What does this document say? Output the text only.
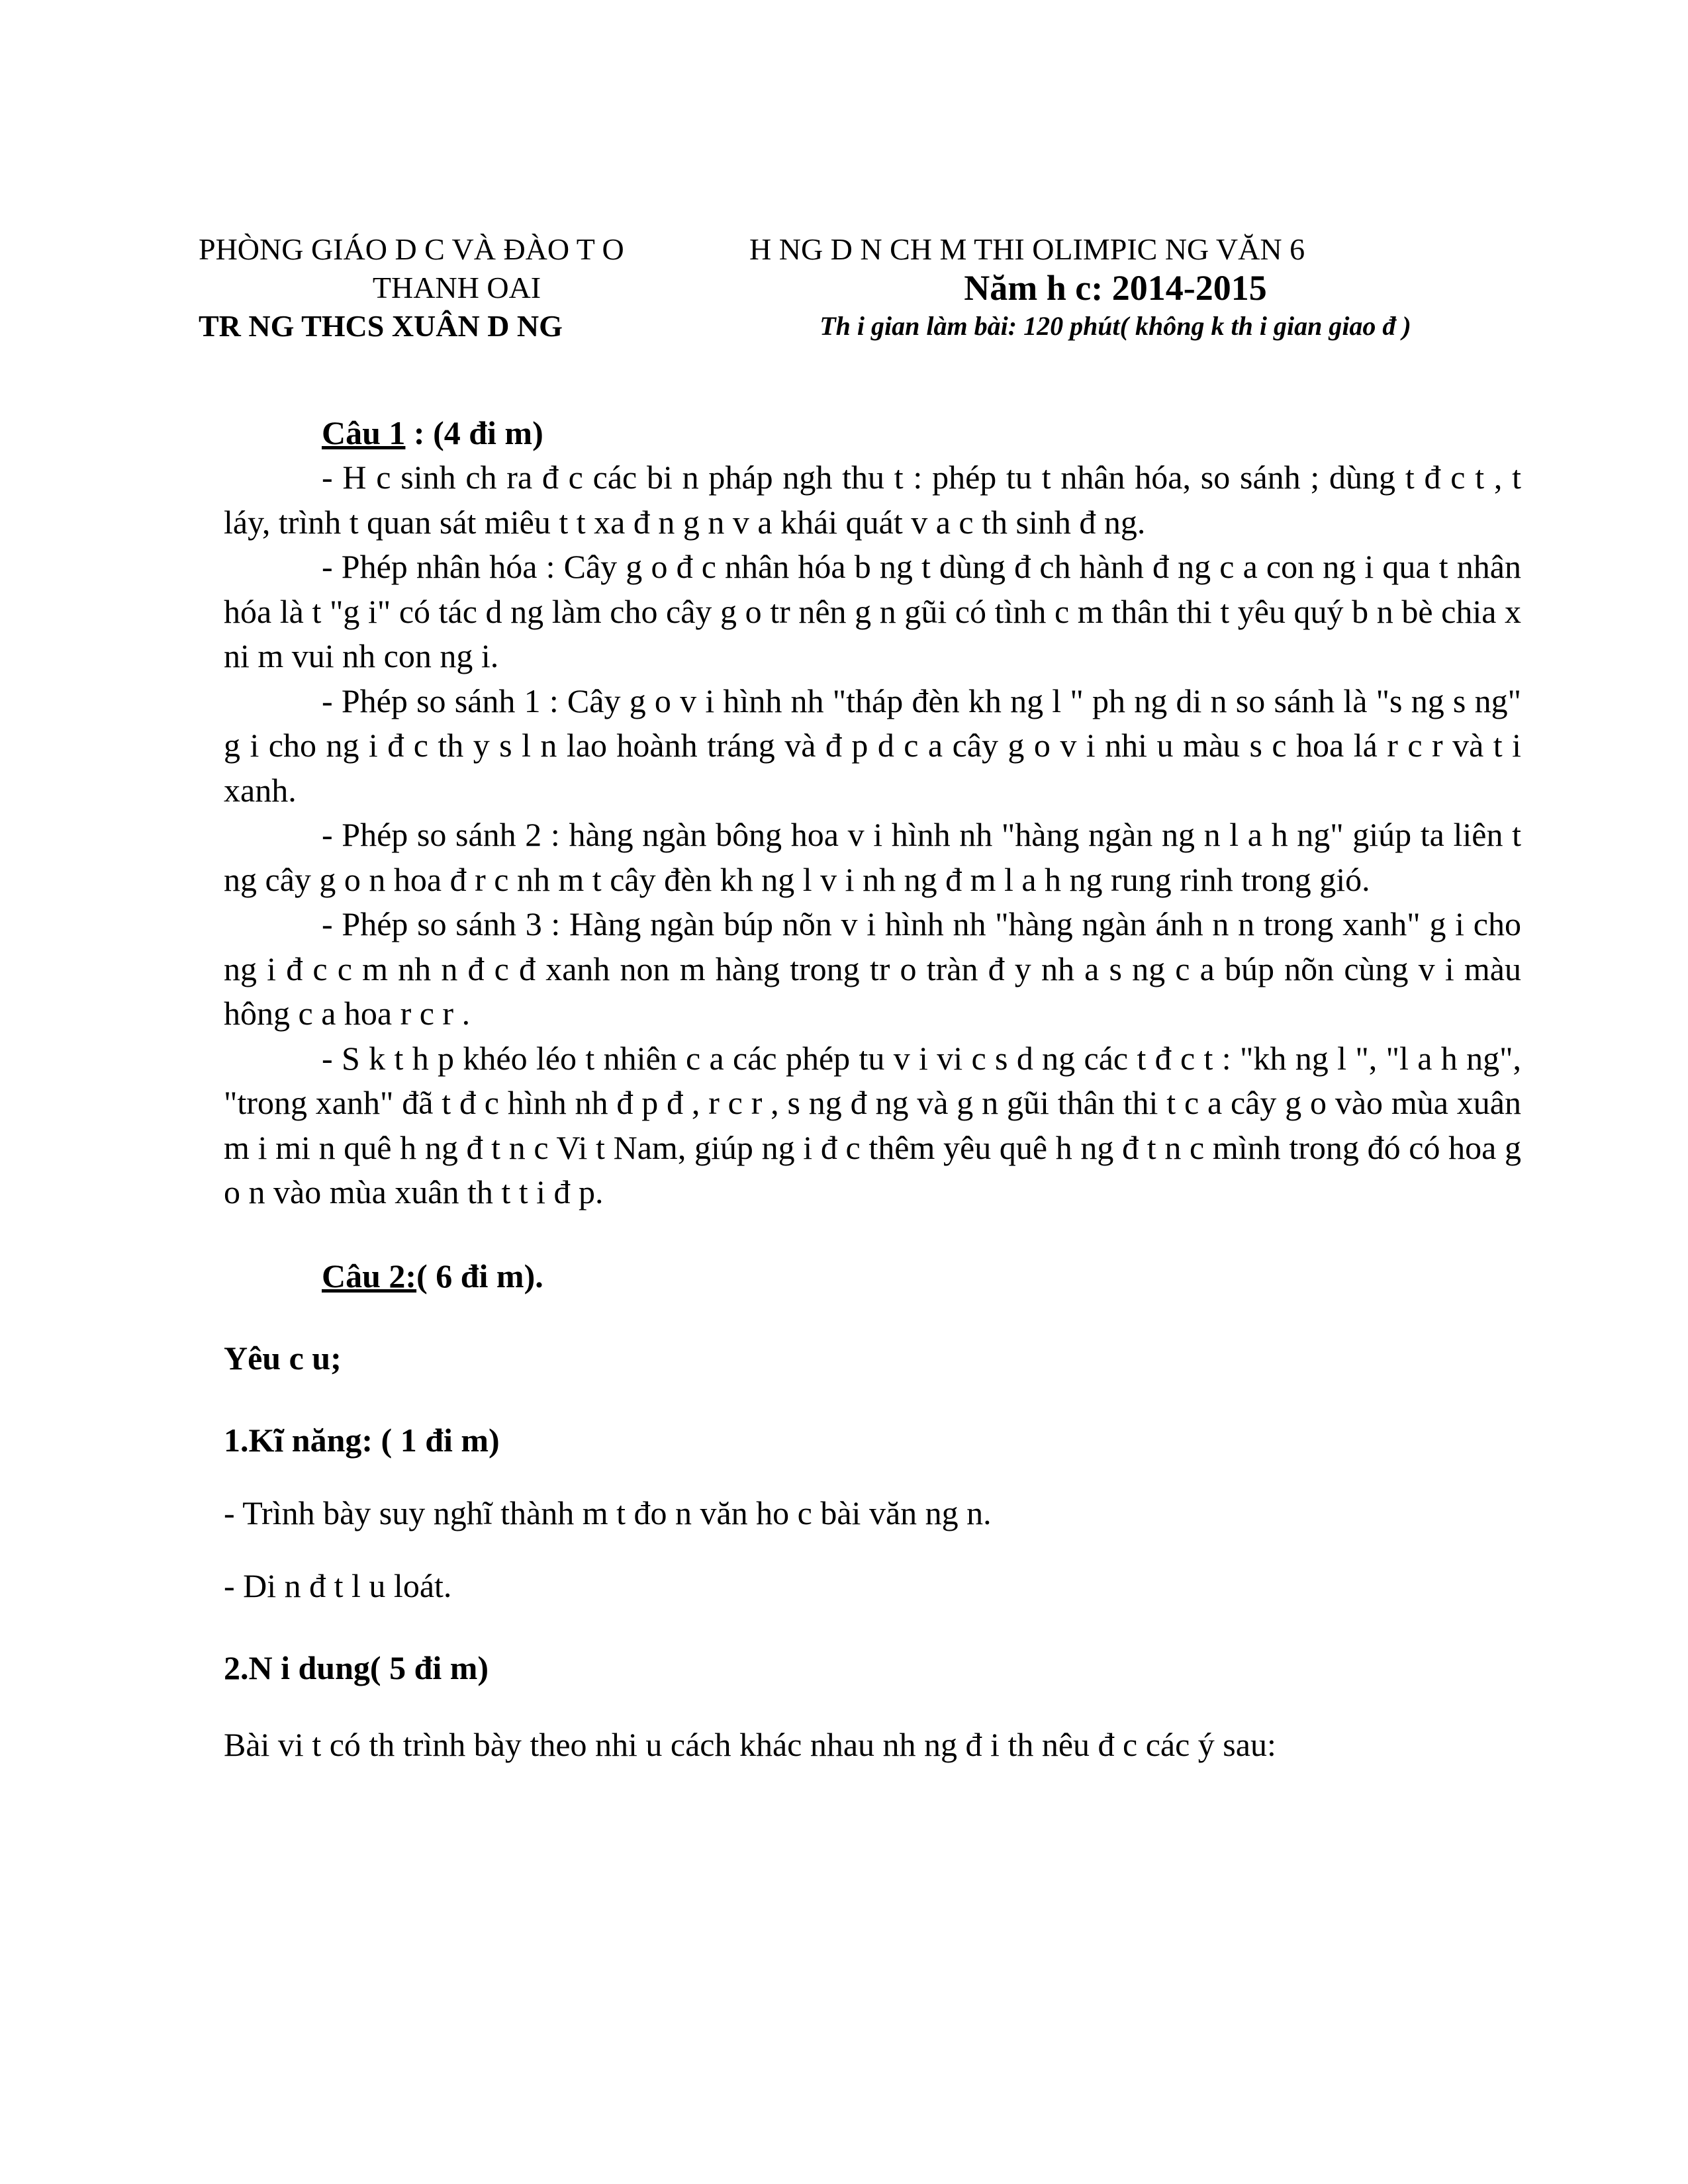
PHÒNG GIÁO D C VÀ ĐÀO T O
THANH OAI
TR NG THCS XUÂN D NG
H NG D N CH M THI OLIMPIC NG VĂN 6
Năm h c: 2014-2015
Th i gian làm bài: 120 phút( không k th i gian giao đ )
Câu 1 : (4 đi m)

- H c sinh ch ra đ c các bi n pháp ngh thu t : phép tu t nhân hóa, so sánh ; dùng t đ c t , t láy, trình t quan sát miêu t t xa đ n g n v a khái quát v a c th sinh đ ng.

- Phép nhân hóa : Cây g o đ c nhân hóa b ng t dùng đ ch hành đ ng c a con ng i qua t nhân hóa là t "g i" có tác d ng làm cho cây g o tr nên g n gũi có tình c m thân thi t yêu quý b n bè chia x ni m vui nh con ng i.

- Phép so sánh 1 : Cây g o v i hình nh "tháp đèn kh ng l " ph ng di n so sánh là "s ng s ng" g i cho ng i đ c th y s l n lao hoành tráng và đ p d c a cây g o v i nhi u màu s c hoa lá r c r và t i xanh.

- Phép so sánh 2 : hàng ngàn bông hoa v i hình nh "hàng ngàn ng n l a h ng" giúp ta liên t ng cây g o n hoa đ r c nh m t cây đèn kh ng l v i nh ng đ m l a h ng rung rinh trong gió.

- Phép so sánh 3 : Hàng ngàn búp nõn v i hình nh "hàng ngàn ánh n n trong xanh" g i cho ng i đ c c m nh n đ c đ xanh non m hàng trong tr o tràn đ y nh a s ng c a búp nõn cùng v i màu hông c a hoa r c r .

- S k t h p khéo léo t nhiên c a các phép tu v i vi c s d ng các t đ c t : "kh ng l ", "l a h ng", "trong xanh" đã t đ c hình nh đ p đ , r c r , s ng đ ng và g n gũi thân thi t c a cây g o vào mùa xuân m i mi n quê h ng đ t n c Vi t Nam, giúp ng i đ c thêm yêu quê h ng đ t n c mình trong đó có hoa g o n vào mùa xuân th t t i đ p.

Câu 2:( 6 đi m).
Yêu c u;
1.Kĩ năng: ( 1 đi m)
- Trình bày suy nghĩ thành m t đo n văn ho c bài văn ng n.
- Di n đ t l u loát.
2.N i dung( 5 đi m)
Bài vi t có th trình bày theo nhi u cách khác nhau nh ng đ i th nêu đ c các ý sau:
